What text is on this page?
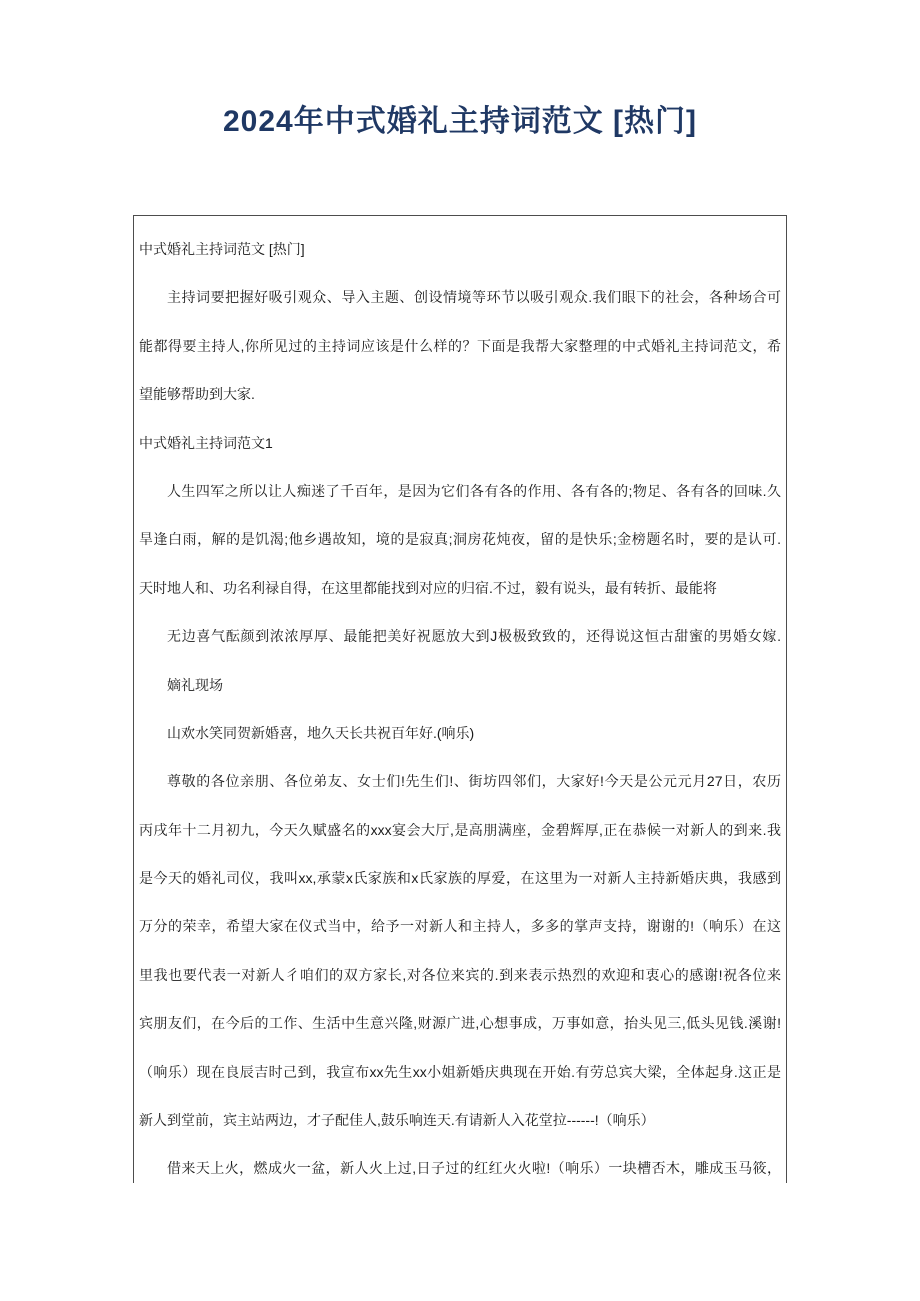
2024年中式婚礼主持词范文 [热门]
中式婚礼主持词范文 [热门]
主持词要把握好吸引观众、导入主题、创设情境等环节以吸引观众.我们眼下的社会，各种场合可
能都得要主持人,你所见过的主持词应该是什么样的？下面是我帮大家整理的中式婚礼主持词范文，希
望能够帮助到大家.
中式婚礼主持词范文1
人生四军之所以让人痴迷了千百年，是因为它们各有各的作用、各有各的;物足、各有各的回味.久
旱逢白雨，解的是饥渴;他乡遇故知，境的是寂真;洞房花炖夜，留的是快乐;金榜题名时，要的是认可.
天时地人和、功名利禄自得，在这里都能找到对应的归宿.不过，毅有说头，最有转折、最能将
无边喜气酝颜到浓浓厚厚、最能把美好祝愿放大到J极极致致的，还得说这恒古甜蜜的男婚女嫁.
嫡礼现场
山欢水笑同贺新婚喜，地久天长共祝百年好.(响乐)
尊敬的各位亲朋、各位弟友、女士们!先生们!、街坊四邻们，大家好!今天是公元元月27日，农历
丙戌年十二月初九，今天久赋盛名的xxx宴会大厅,是高朋满座，金碧辉厚,正在恭候一对新人的到来.我
是今天的婚礼司仪，我叫xx,承蒙x氏家族和x氏家族的厚爱，在这里为一对新人主持新婚庆典，我感到
万分的荣幸，希望大家在仪式当中，给予一对新人和主持人，多多的掌声支持，谢谢的!（响乐）在这
里我也要代表一对新人彳咱们的双方家长,对各位来宾的.到来表示热烈的欢迎和衷心的感谢!祝各位来
宾朋友们，在今后的工作、生活中生意兴隆,财源广进,心想事成，万事如意，抬头见三,低头见钱.溪谢!
（响乐）现在良辰吉时己到，我宣布xx先生xx小姐新婚庆典现在开始.有劳总宾大梁，全体起身.这正是
新人到堂前，宾主站两边，才子配佳人,鼓乐响连天.有请新人入花堂拉------!（响乐）
借来天上火，燃成火一盆，新人火上过,日子过的红红火火啦!（响乐）一块槽否木，雕成玉马筱，
